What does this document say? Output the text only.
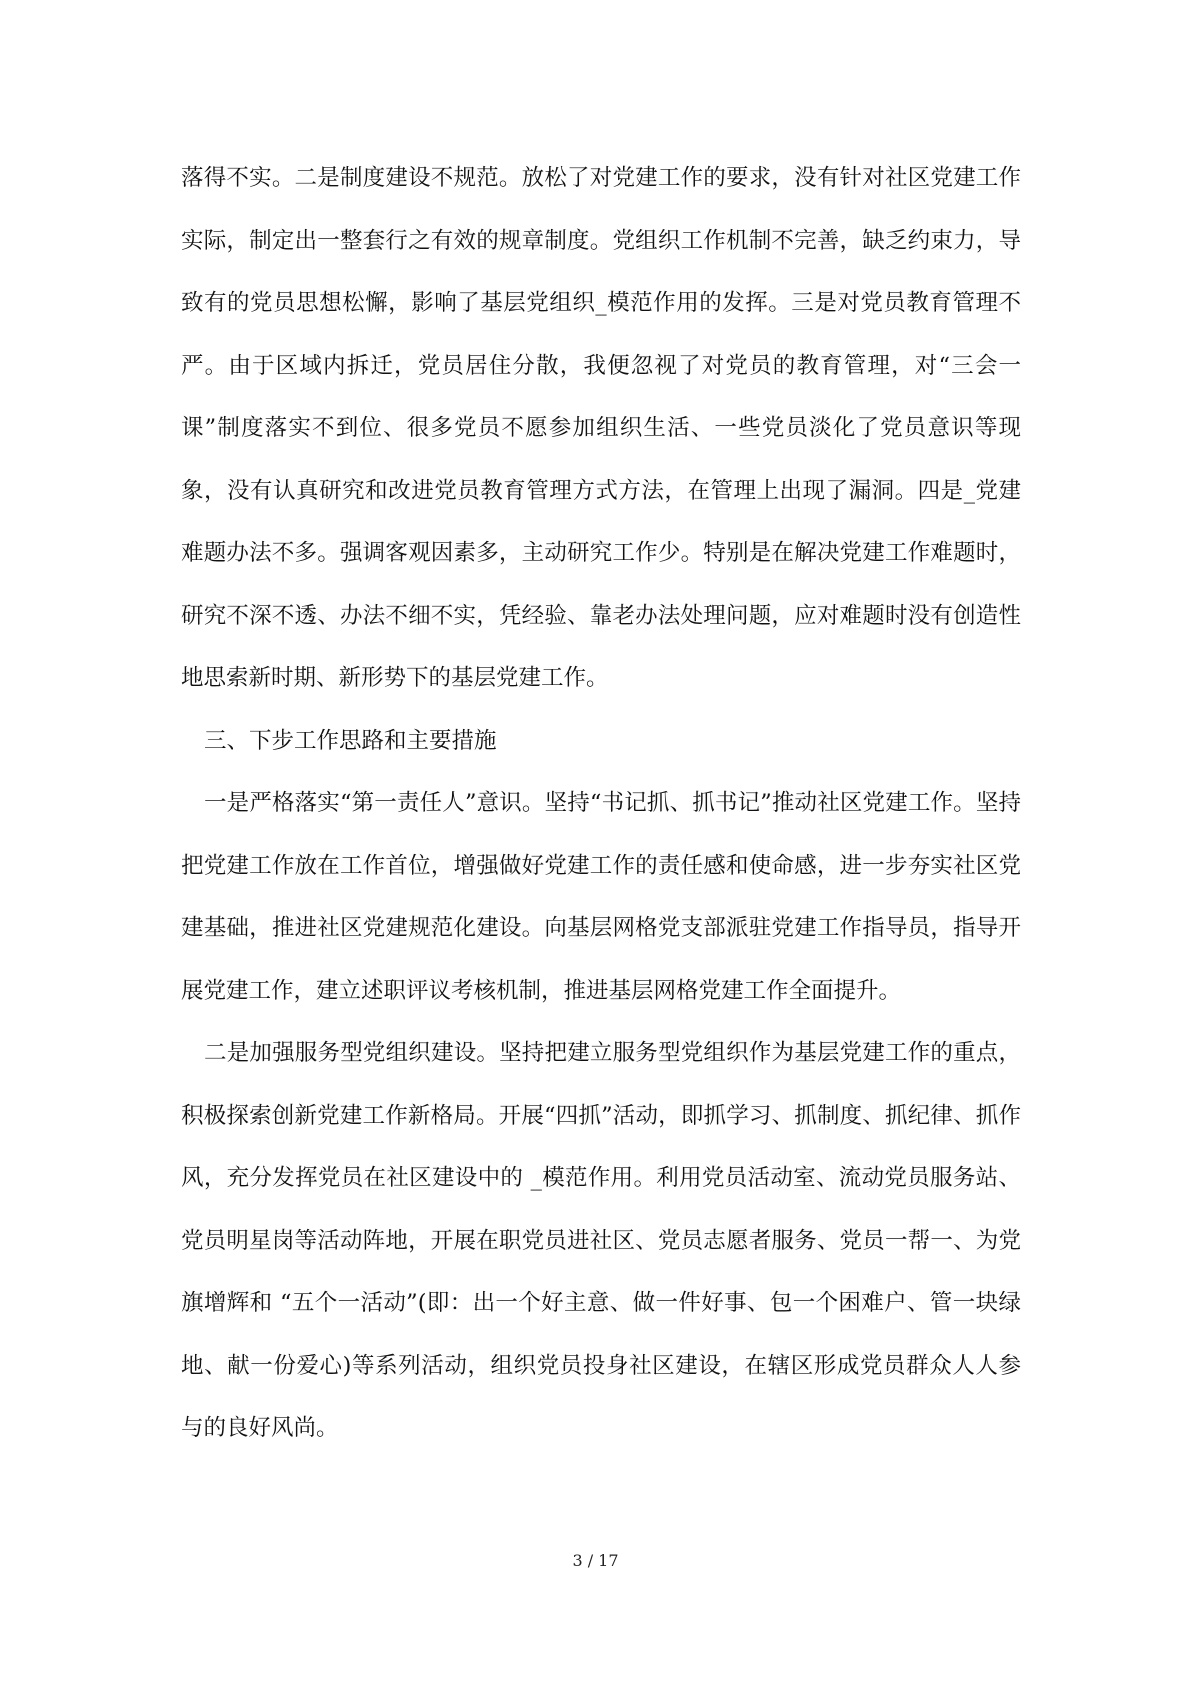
落得不实。二是制度建设不规范。放松了对党建工作的要求，没有针对社区党建工作实际，制定出一整套行之有效的规章制度。党组织工作机制不完善，缺乏约束力，导致有的党员思想松懈，影响了基层党组织_模范作用的发挥。三是对党员教育管理不严。由于区域内拆迁，党员居住分散，我便忽视了对党员的教育管理，对“三会一课”制度落实不到位、很多党员不愿参加组织生活、一些党员淡化了党员意识等现象，没有认真研究和改进党员教育管理方式方法，在管理上出现了漏洞。四是_党建难题办法不多。强调客观因素多，主动研究工作少。特别是在解决党建工作难题时，研究不深不透、办法不细不实，凭经验、靠老办法处理问题，应对难题时没有创造性地思索新时期、新形势下的基层党建工作。

三、下步工作思路和主要措施

一是严格落实“第一责任人”意识。坚持“书记抓、抓书记”推动社区党建工作。坚持把党建工作放在工作首位，增强做好党建工作的责任感和使命感，进一步夯实社区党建基础，推进社区党建规范化建设。向基层网格党支部派驻党建工作指导员，指导开展党建工作，建立述职评议考核机制，推进基层网格党建工作全面提升。

二是加强服务型党组织建设。坚持把建立服务型党组织作为基层党建工作的重点，积极探索创新党建工作新格局。开展“四抓”活动，即抓学习、抓制度、抓纪律、抓作风，充分发挥党员在社区建设中的 _模范作用。利用党员活动室、流动党员服务站、党员明星岗等活动阵地，开展在职党员进社区、党员志愿者服务、党员一帮一、为党旗增辉和 “五个一活动”(即：出一个好主意、做一件好事、包一个困难户、管一块绿地、献一份爱心)等系列活动，组织党员投身社区建设，在辖区形成党员群众人人参与的良好风尚。

3 / 17
